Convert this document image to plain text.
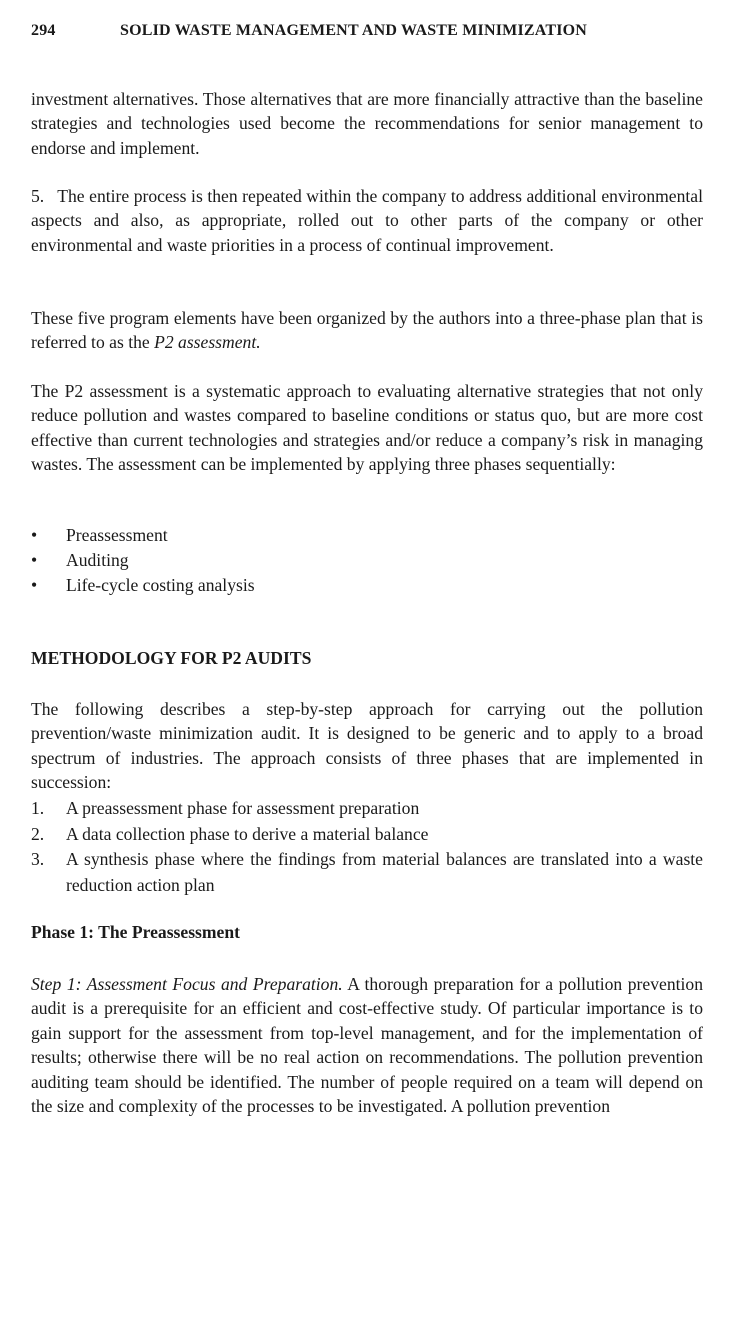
294	SOLID WASTE MANAGEMENT AND WASTE MINIMIZATION

investment alternatives. Those alternatives that are more financially attractive than the baseline strategies and technologies used become the recommendations for senior management to endorse and implement.

5.  The entire process is then repeated within the company to address additional environmental aspects and also, as appropriate, rolled out to other parts of the company or other environmental and waste priorities in a process of continual improvement.

These five program elements have been organized by the authors into a three-phase plan that is referred to as the P2 assessment.

The P2 assessment is a systematic approach to evaluating alternative strategies that not only reduce pollution and wastes compared to baseline conditions or status quo, but are more cost effective than current technologies and strategies and/or reduce a company’s risk in managing wastes. The assessment can be implemented by applying three phases sequentially:

• Preassessment
• Auditing
• Life-cycle costing analysis
METHODOLOGY FOR P2 AUDITS

The following describes a step-by-step approach for carrying out the pollution prevention/waste minimization audit. It is designed to be generic and to apply to a broad spectrum of industries. The approach consists of three phases that are implemented in succession:

1. A preassessment phase for assessment preparation
2. A data collection phase to derive a material balance
3. A synthesis phase where the findings from material balances are translated into a waste reduction action plan
Phase 1: The Preassessment

Step 1: Assessment Focus and Preparation. A thorough preparation for a pollution prevention audit is a prerequisite for an efficient and cost-effective study. Of particular importance is to gain support for the assessment from top-level management, and for the implementation of results; otherwise there will be no real action on recommendations. The pollution prevention auditing team should be identified. The number of people required on a team will depend on the size and complexity of the processes to be investigated. A pollution prevention
